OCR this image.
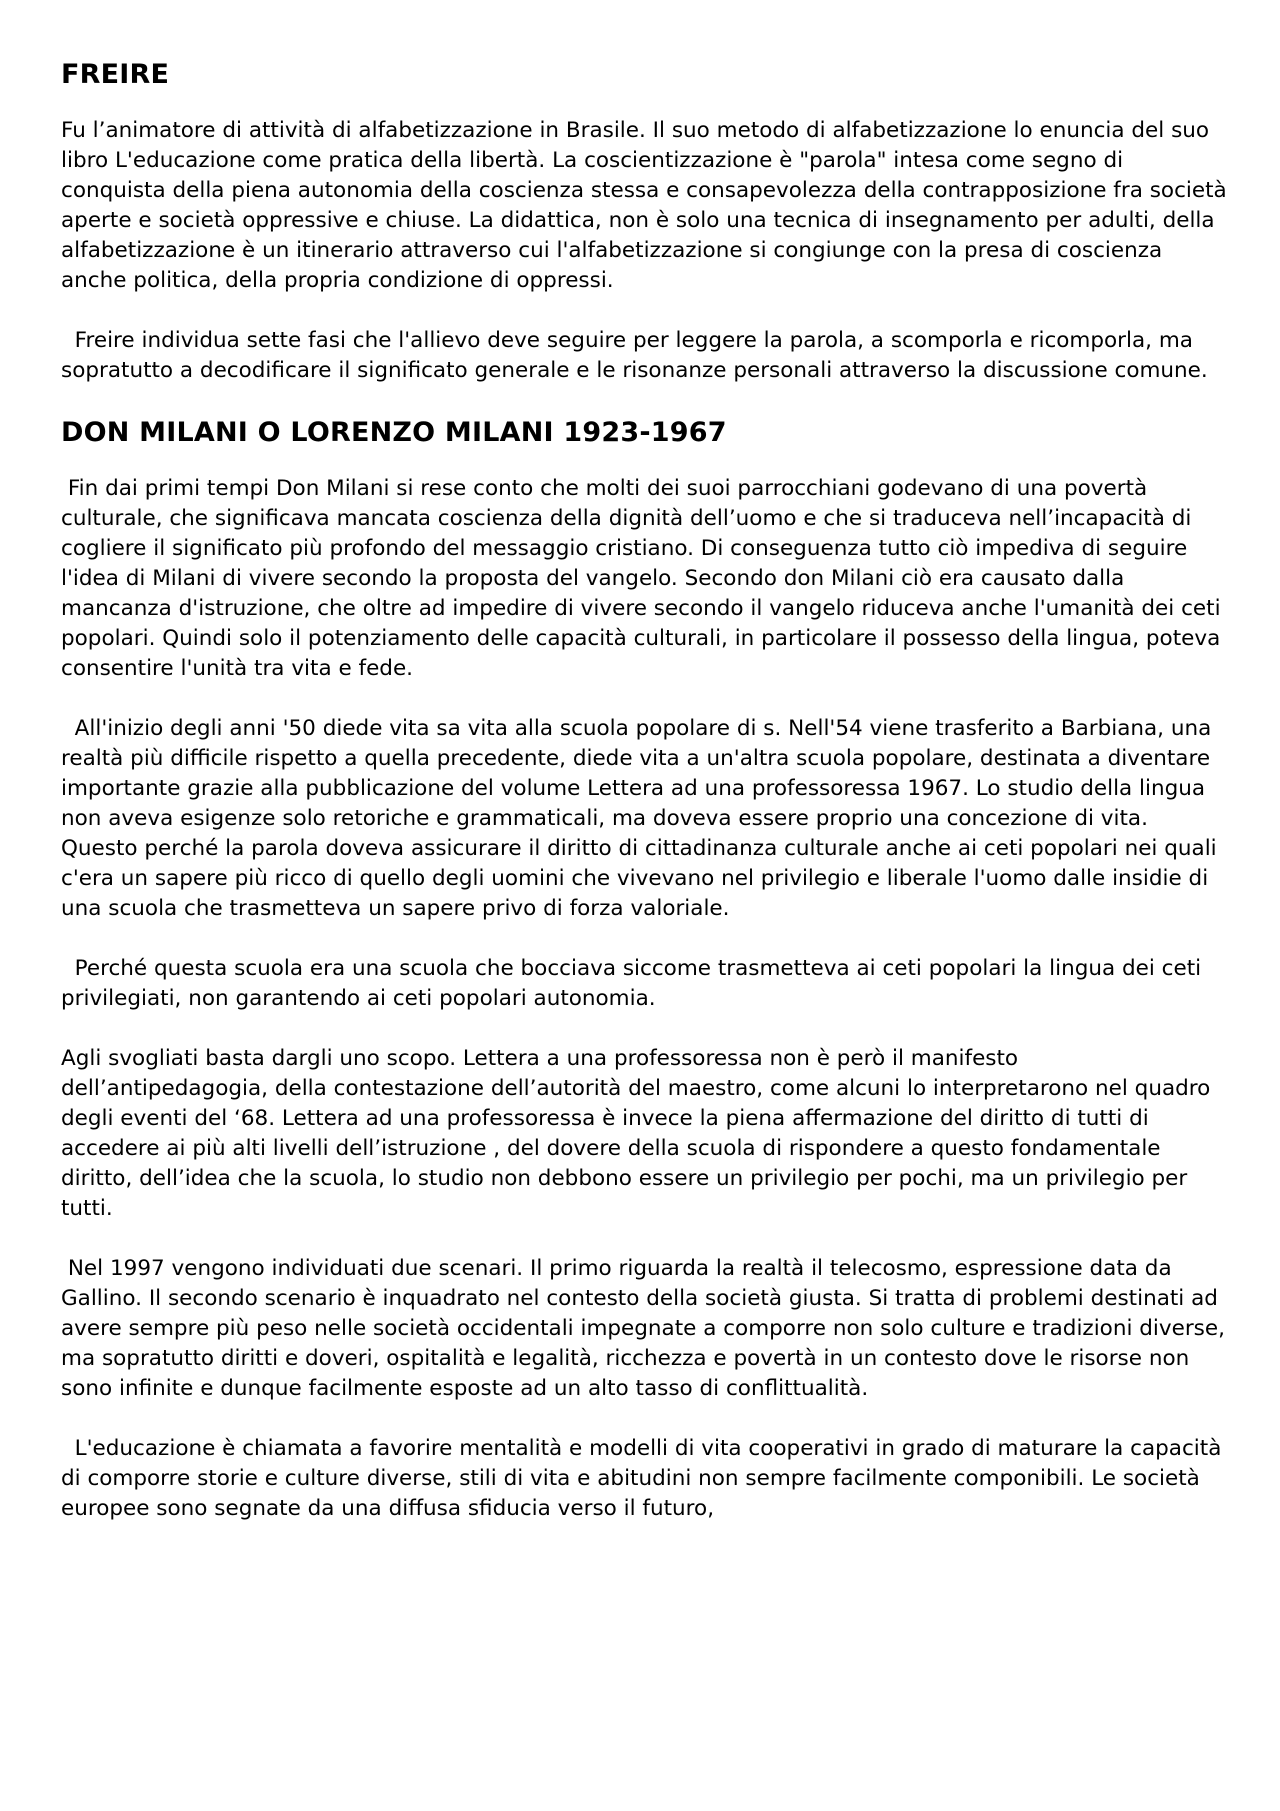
FREIRE

Fu l’animatore di attività di alfabetizzazione in Brasile. Il suo metodo di alfabetizzazione lo enuncia del suo libro L'educazione come pratica della libertà. La coscientizzazione è "parola" intesa come segno di conquista della piena autonomia della coscienza stessa e consapevolezza della contrapposizione fra società aperte e società oppressive e chiuse. La didattica, non è solo una tecnica di insegnamento per adulti, della alfabetizzazione è un itinerario attraverso cui l'alfabetizzazione si congiunge con la presa di coscienza anche politica, della propria condizione di oppressi.

Freire individua sette fasi che l'allievo deve seguire per leggere la parola, a scomporla e ricomporla, ma sopratutto a decodificare il significato generale e le risonanze personali attraverso la discussione comune.

DON MILANI O LORENZO MILANI 1923-1967

Fin dai primi tempi Don Milani si rese conto che molti dei suoi parrocchiani godevano di una povertà culturale, che significava mancata coscienza della dignità dell’uomo e che si traduceva nell’incapacità di cogliere il significato più profondo del messaggio cristiano. Di conseguenza tutto ciò impediva di seguire l'idea di Milani di vivere secondo la proposta del vangelo. Secondo don Milani ciò era causato dalla mancanza d'istruzione, che oltre ad impedire di vivere secondo il vangelo riduceva anche l'umanità dei ceti popolari. Quindi solo il potenziamento delle capacità culturali, in particolare il possesso della lingua, poteva consentire l'unità tra vita e fede.

All'inizio degli anni '50 diede vita sa vita alla scuola popolare di s. Nell'54 viene trasferito a Barbiana, una realtà più difficile rispetto a quella precedente, diede vita a un'altra scuola popolare, destinata a diventare importante grazie alla pubblicazione del volume Lettera ad una professoressa 1967. Lo studio della lingua non aveva esigenze solo retoriche e grammaticali, ma doveva essere proprio una concezione di vita. Questo perché la parola doveva assicurare il diritto di cittadinanza culturale anche ai ceti popolari nei quali c'era un sapere più ricco di quello degli uomini che vivevano nel privilegio e liberale l'uomo dalle insidie di una scuola che trasmetteva un sapere privo di forza valoriale.

Perché questa scuola era una scuola che bocciava siccome trasmetteva ai ceti popolari la lingua dei ceti privilegiati, non garantendo ai ceti popolari autonomia.

Agli svogliati basta dargli uno scopo. Lettera a una professoressa non è però il manifesto dell’antipedagogia, della contestazione dell’autorità del maestro, come alcuni lo interpretarono nel quadro degli eventi del ‘68. Lettera ad una professoressa è invece la piena affermazione del diritto di tutti di accedere ai più alti livelli dell’istruzione , del dovere della scuola di rispondere a questo fondamentale diritto, dell’idea che la scuola, lo studio non debbono essere un privilegio per pochi, ma un privilegio per tutti.

Nel 1997 vengono individuati due scenari. Il primo riguarda la realtà il telecosmo, espressione data da Gallino. Il secondo scenario è inquadrato nel contesto della società giusta. Si tratta di problemi destinati ad avere sempre più peso nelle società occidentali impegnate a comporre non solo culture e tradizioni diverse, ma sopratutto diritti e doveri, ospitalità e legalità, ricchezza e povertà in un contesto dove le risorse non sono infinite e dunque facilmente esposte ad un alto tasso di conflittualità.

L'educazione è chiamata a favorire mentalità e modelli di vita cooperativi in grado di maturare la capacità di comporre storie e culture diverse, stili di vita e abitudini non sempre facilmente componibili. Le società europee sono segnate da una diffusa sfiducia verso il futuro,
